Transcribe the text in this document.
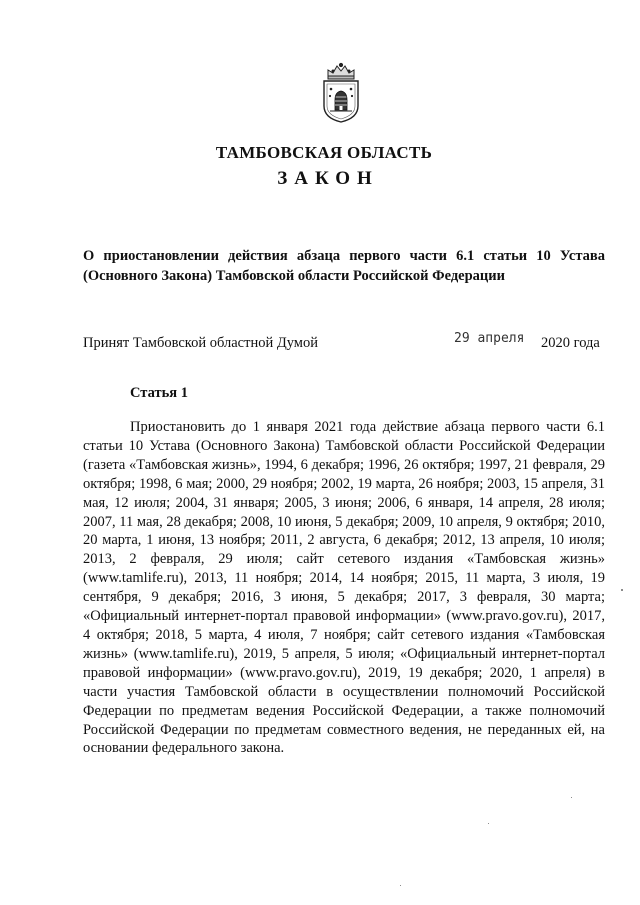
ТАМБОВСКАЯ ОБЛАСТЬ
ЗАКОН
О приостановлении действия абзаца первого части 6.1 статьи 10 Устава (Основного Закона) Тамбовской области Российской Федерации
Принят Тамбовской областной Думой	29 апреля 2020 года
Статья 1

Приостановить до 1 января 2021 года действие абзаца первого части 6.1 статьи 10 Устава (Основного Закона) Тамбовской области Российской Федерации (газета «Тамбовская жизнь», 1994, 6 декабря; 1996, 26 октября; 1997, 21 февраля, 29 октября; 1998, 6 мая; 2000, 29 ноября; 2002, 19 марта, 26 ноября; 2003, 15 апреля, 31 мая, 12 июля; 2004, 31 января; 2005, 3 июня; 2006, 6 января, 14 апреля, 28 июля; 2007, 11 мая, 28 декабря; 2008, 10 июня, 5 декабря; 2009, 10 апреля, 9 октября; 2010, 20 марта, 1 июня, 13 ноября; 2011, 2 августа, 6 декабря; 2012, 13 апреля, 10 июля; 2013, 2 февраля, 29 июля; сайт сетевого издания «Тамбовская жизнь» (www.tamlife.ru), 2013, 11 ноября; 2014, 14 ноября; 2015, 11 марта, 3 июля, 19 сентября, 9 декабря; 2016, 3 июня, 5 декабря; 2017, 3 февраля, 30 марта; «Официальный интернет-портал правовой информации» (www.pravo.gov.ru), 2017, 4 октября; 2018, 5 марта, 4 июля, 7 ноября; сайт сетевого издания «Тамбовская жизнь» (www.tamlife.ru), 2019, 5 апреля, 5 июля; «Официальный интернет-портал правовой информации» (www.pravo.gov.ru), 2019, 19 декабря; 2020, 1 апреля) в части участия Тамбовской области в осуществлении полномочий Российской Федерации по предметам ведения Российской Федерации, а также полномочий Российской Федерации по предметам совместного ведения, не переданных ей, на основании федерального закона.
